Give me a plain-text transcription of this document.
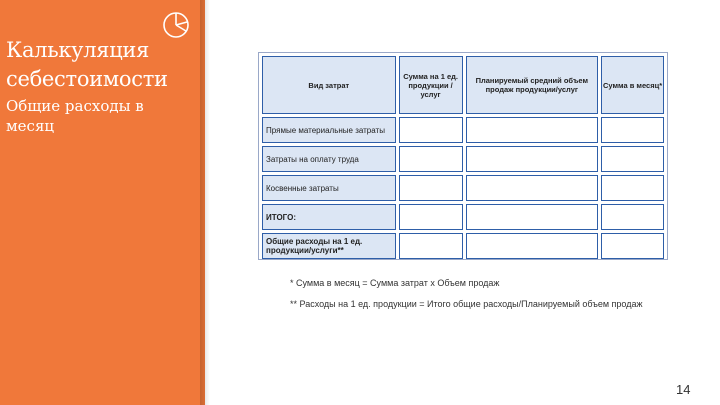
Калькуляция себестоимости
Общие расходы в месяц
Вид затрат	Сумма на 1 ед. продукции /услуг	Планируемый средний объем продаж продукции/услуг	Сумма в месяц*
Прямые материальные затраты			
Затраты на оплату труда			
Косвенные затраты			
ИТОГО:			
Общие расходы на 1 ед. продукции/услуги**			
* Сумма в месяц = Сумма затрат х Объем продаж
** Расходы на 1 ед. продукции = Итого общие расходы/Планируемый объем продаж
14
